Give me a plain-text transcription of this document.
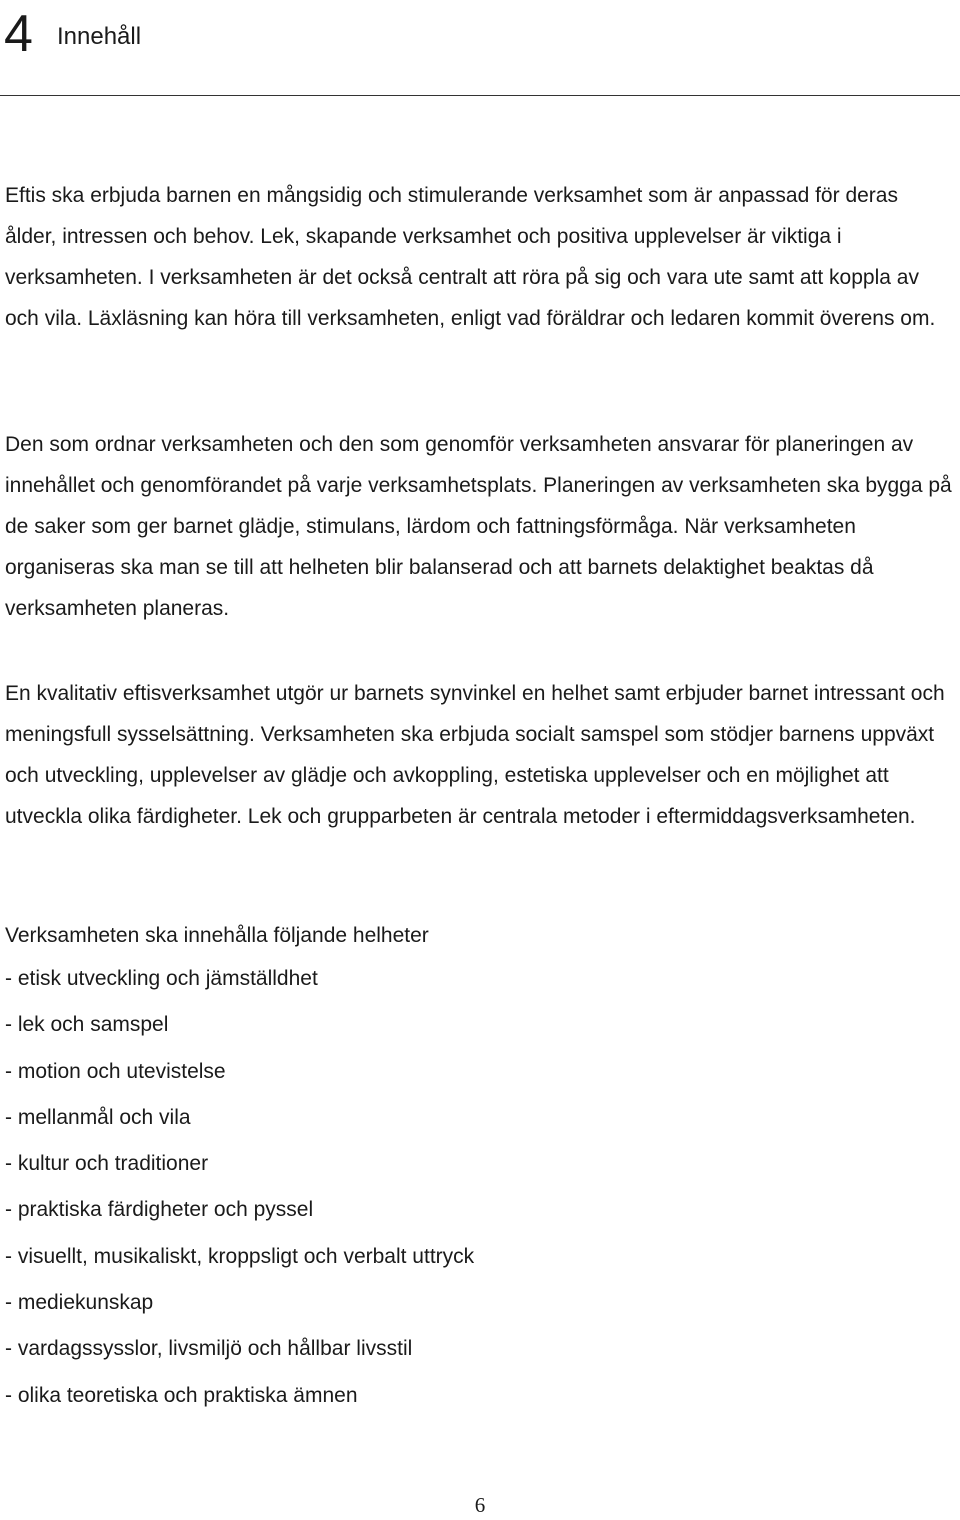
4 Innehåll

Eftis ska erbjuda barnen en mångsidig och stimulerande verksamhet som är anpassad för deras ålder, intressen och behov. Lek, skapande verksamhet och positiva upplevelser är viktiga i verksamheten. I verksamheten är det också centralt att röra på sig och vara ute samt att koppla av och vila. Läxläsning kan höra till verksamheten, enligt vad föräldrar och ledaren kommit överens om.

Den som ordnar verksamheten och den som genomför verksamheten ansvarar för planeringen av innehållet och genomförandet på varje verksamhetsplats. Planeringen av verksamheten ska bygga på de saker som ger barnet glädje, stimulans, lärdom och fattningsförmåga. När verksamheten organiseras ska man se till att helheten blir balanserad och att barnets delaktighet beaktas då verksamheten planeras.

En kvalitativ eftisverksamhet utgör ur barnets synvinkel en helhet samt erbjuder barnet intressant och meningsfull sysselsättning. Verksamheten ska erbjuda socialt samspel som stödjer barnens uppväxt och utveckling, upplevelser av glädje och avkoppling, estetiska upplevelser och en möjlighet att utveckla olika färdigheter. Lek och grupparbeten är centrala metoder i eftermiddagsverksamheten.

Verksamheten ska innehålla följande helheter

- etisk utveckling och jämställdhet
- lek och samspel
- motion och utevistelse
- mellanmål och vila
- kultur och traditioner
- praktiska färdigheter och pyssel
- visuellt, musikaliskt, kroppsligt och verbalt uttryck
- mediekunskap
- vardagssysslor, livsmiljö och hållbar livsstil
- olika teoretiska och praktiska ämnen
6
